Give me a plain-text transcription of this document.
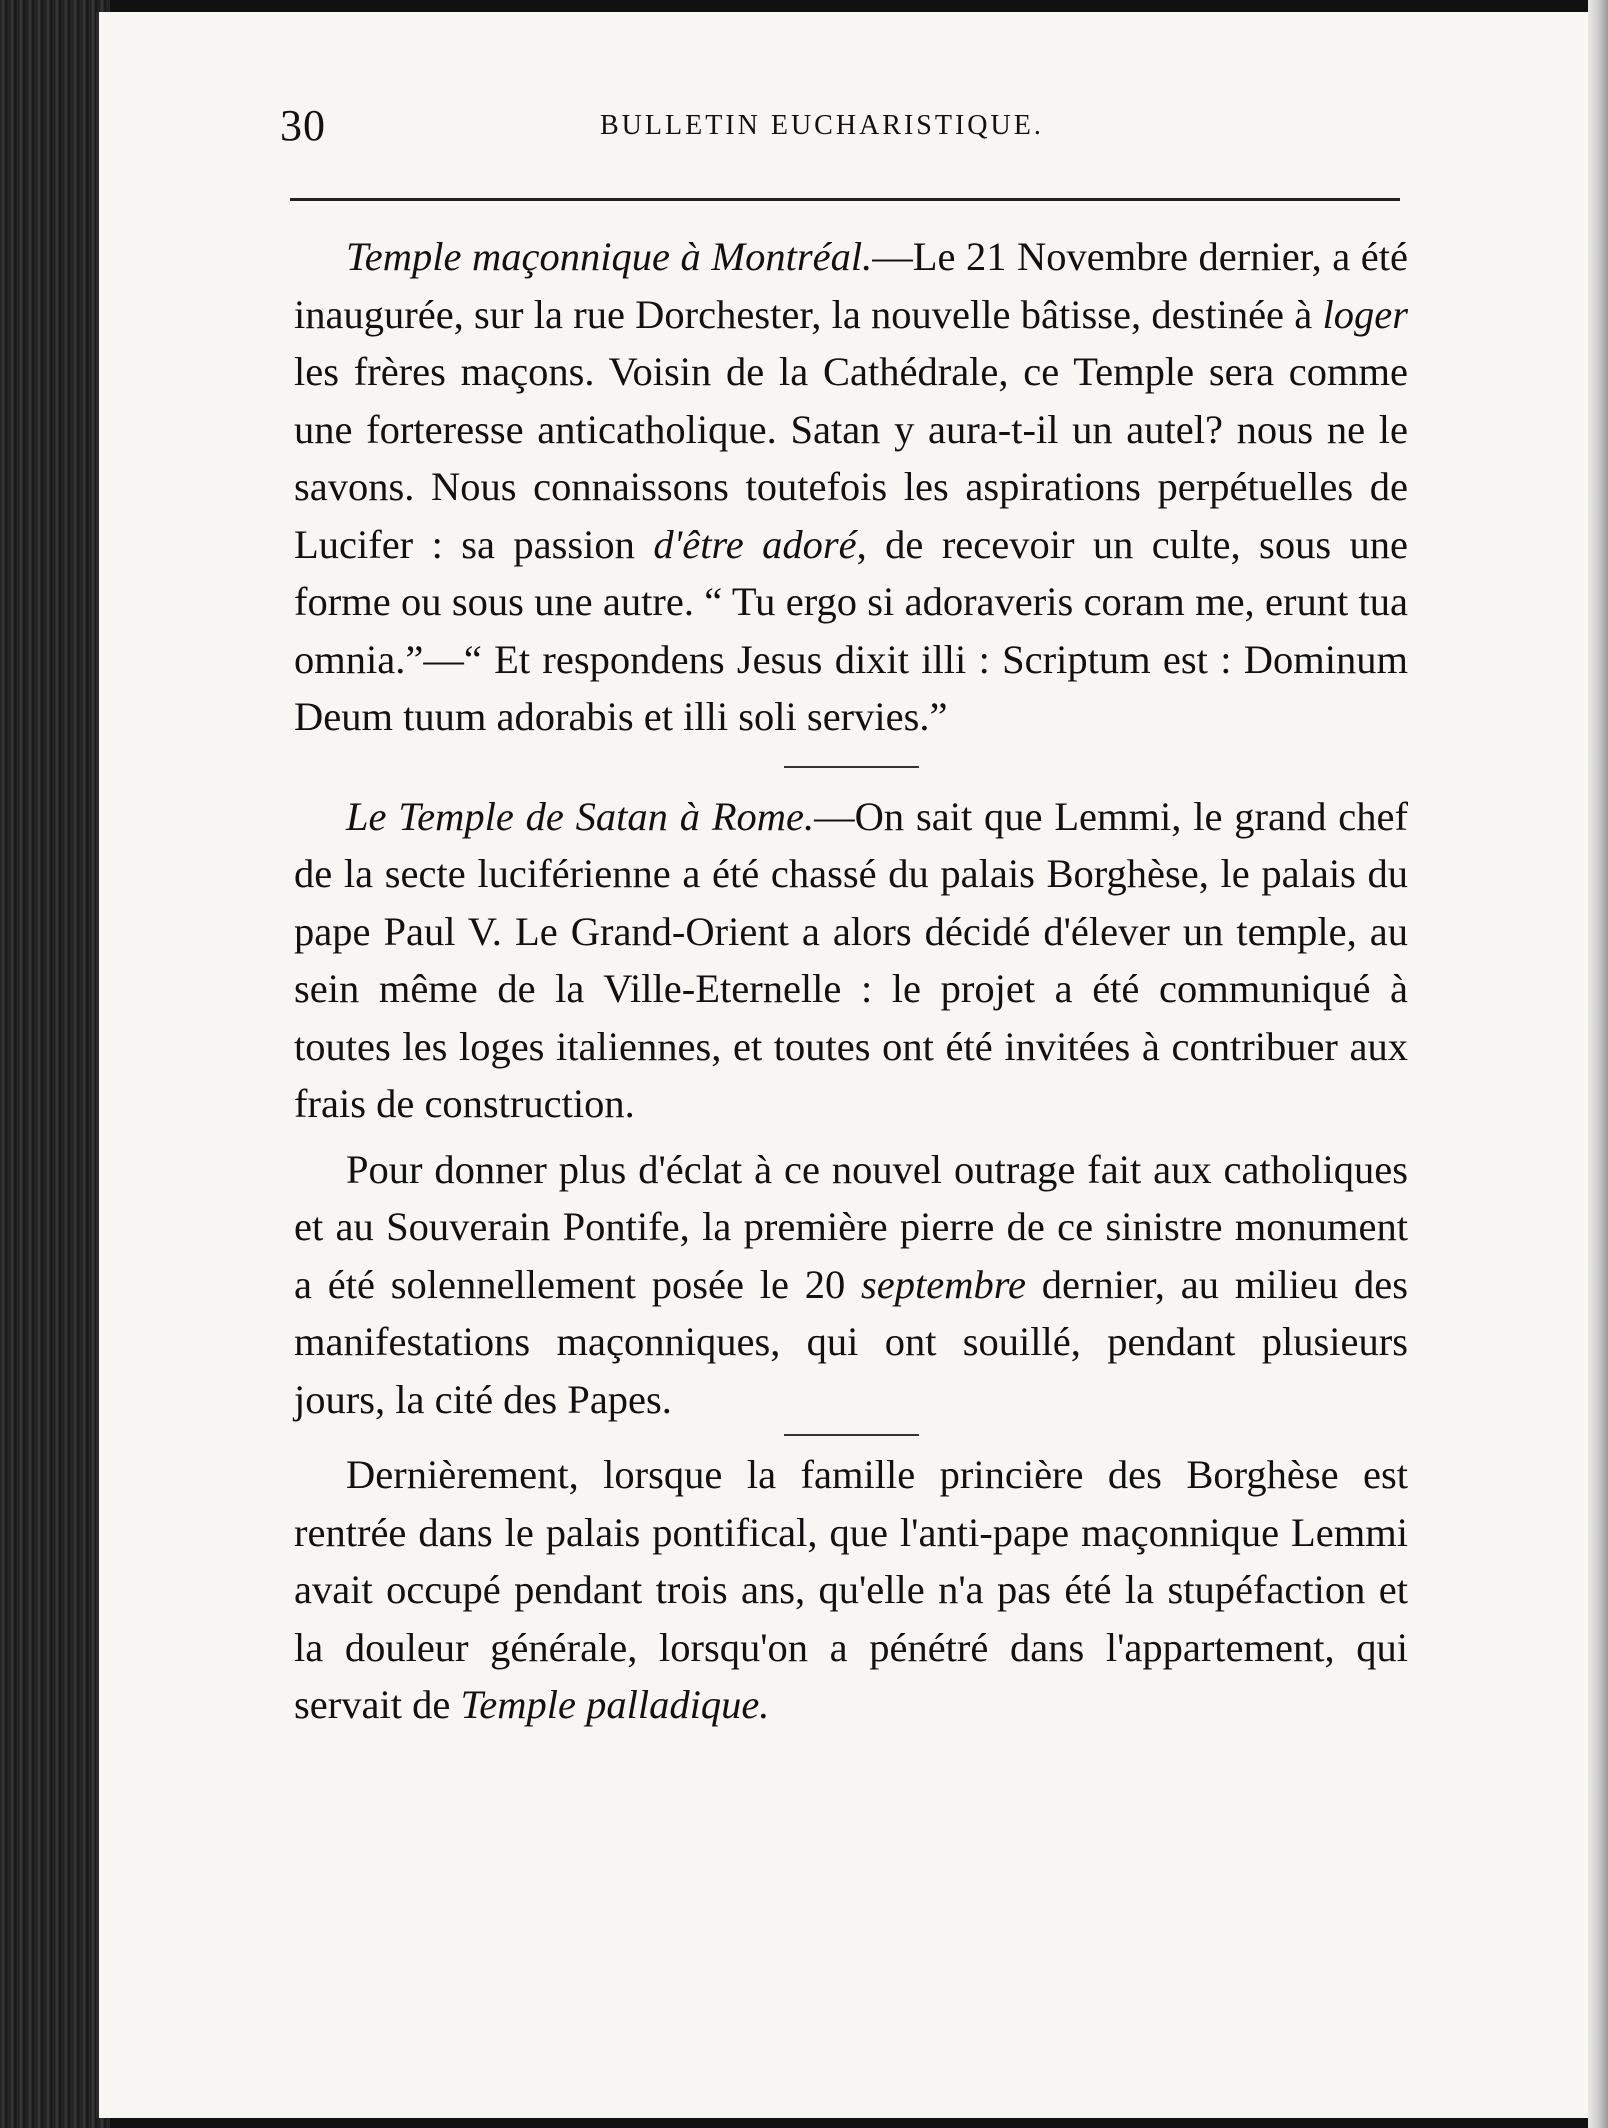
30	BULLETIN EUCHARISTIQUE.

Temple maçonnique à Montréal.—Le 21 Novembre dernier, a été inaugurée, sur la rue Dorchester, la nouvelle bâtisse, destinée à loger les frères maçons. Voisin de la Cathédrale, ce Temple sera comme une forteresse anticatholique. Satan y aura-t-il un autel? nous ne le savons. Nous connaissons toutefois les aspirations perpétuelles de Lucifer : sa passion d'être adoré, de recevoir un culte, sous une forme ou sous une autre. “ Tu ergo si adoraveris coram me, erunt tua omnia.”—“ Et respondens Jesus dixit illi : Scriptum est : Dominum Deum tuum adorabis et illi soli servies.”

Le Temple de Satan à Rome.—On sait que Lemmi, le grand chef de la secte luciférienne a été chassé du palais Borghèse, le palais du pape Paul V. Le Grand-Orient a alors décidé d'élever un temple, au sein même de la Ville-Eternelle : le projet a été communiqué à toutes les loges italiennes, et toutes ont été invitées à contribuer aux frais de construction.

Pour donner plus d'éclat à ce nouvel outrage fait aux catholiques et au Souverain Pontife, la première pierre de ce sinistre monument a été solennellement posée le 20 septembre dernier, au milieu des manifestations maçonniques, qui ont souillé, pendant plusieurs jours, la cité des Papes.

Dernièrement, lorsque la famille princière des Borghèse est rentrée dans le palais pontifical, que l'anti-pape maçonnique Lemmi avait occupé pendant trois ans, qu'elle n'a pas été la stupéfaction et la douleur générale, lorsqu'on a pénétré dans l'appartement, qui servait de Temple palladique.
